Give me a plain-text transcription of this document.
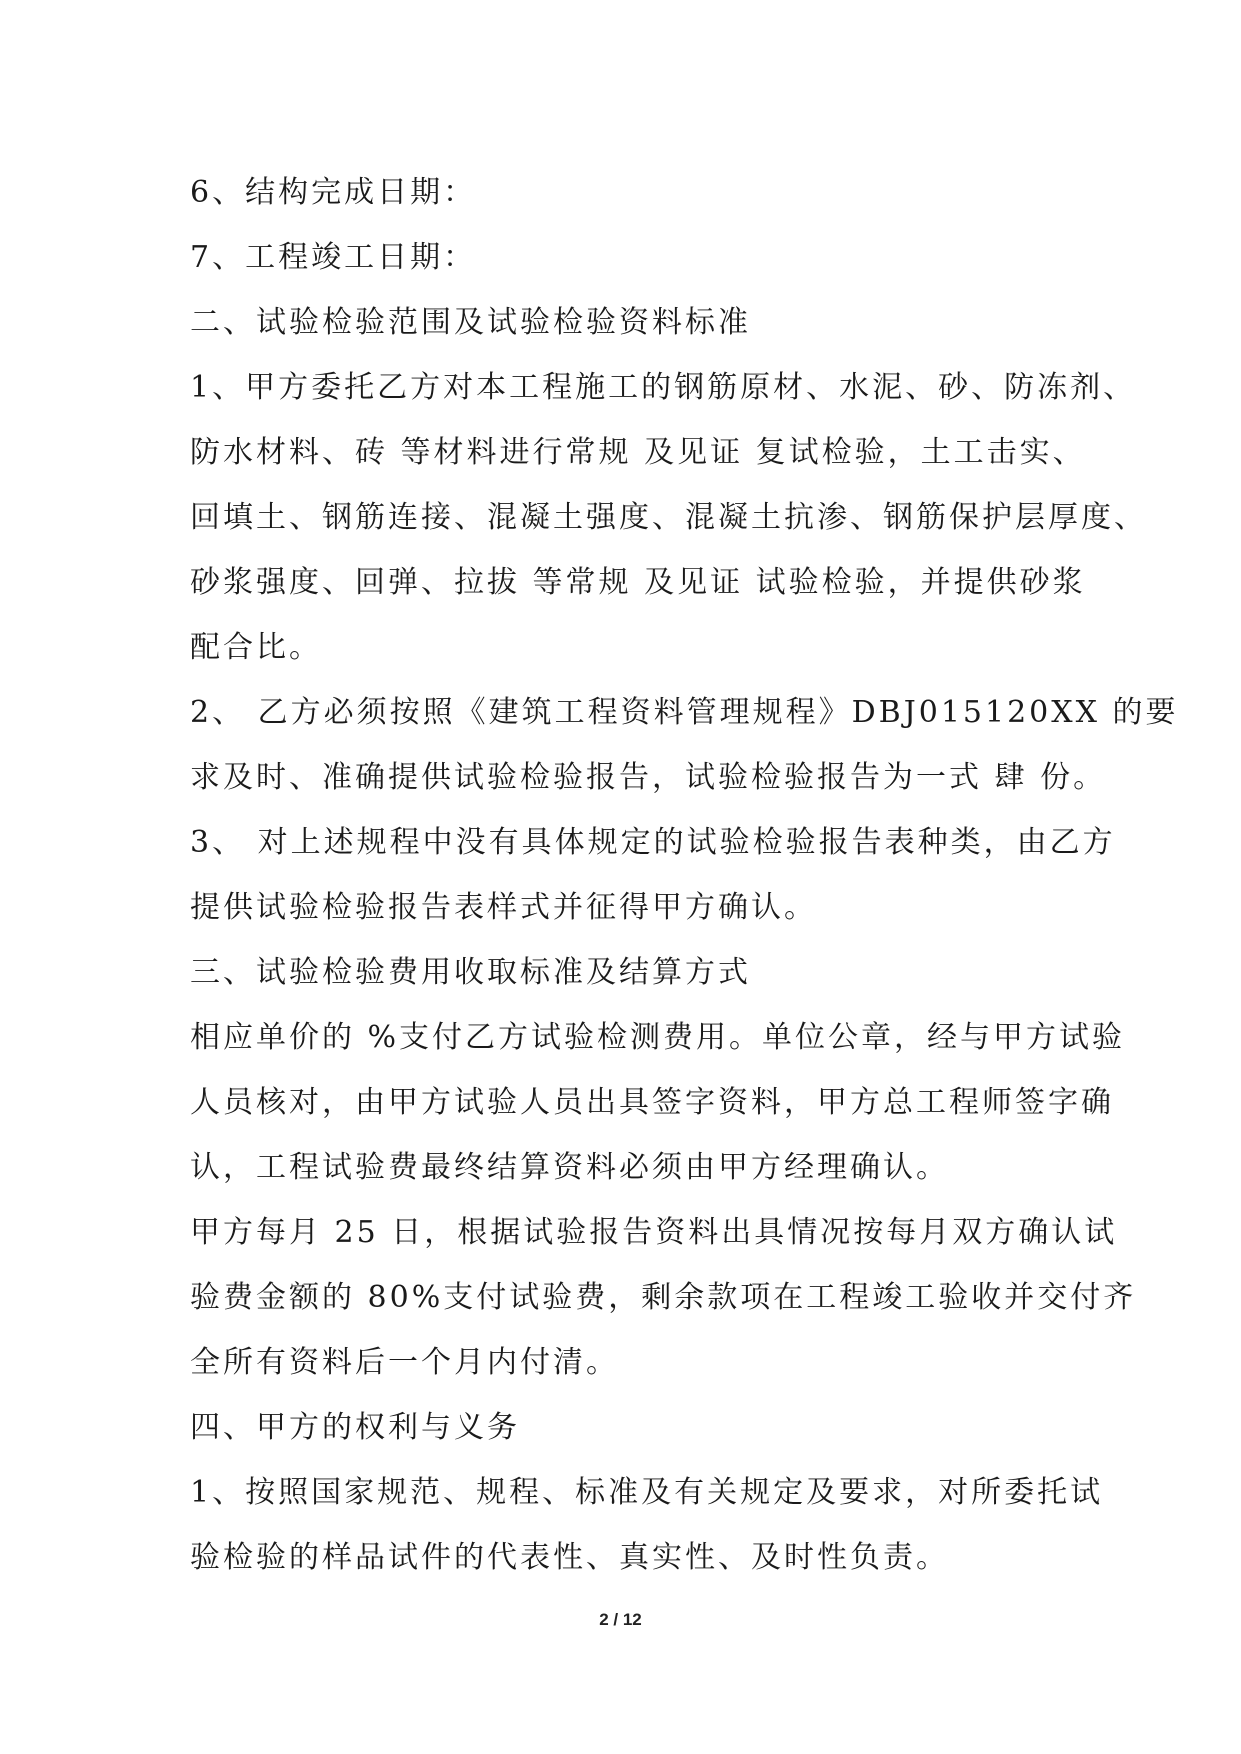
6、结构完成日期：
7、工程竣工日期：
二、试验检验范围及试验检验资料标准
1、甲方委托乙方对本工程施工的钢筋原材、水泥、砂、防冻剂、
防水材料、砖 等材料进行常规 及见证 复试检验，土工击实、
回填土、钢筋连接、混凝土强度、混凝土抗渗、钢筋保护层厚度、
砂浆强度、回弹、拉拔 等常规 及见证 试验检验，并提供砂浆
配合比。
2、 乙方必须按照《建筑工程资料管理规程》DBJ015120XX 的要
求及时、准确提供试验检验报告，试验检验报告为一式 肆 份。
3、 对上述规程中没有具体规定的试验检验报告表种类，由乙方
提供试验检验报告表样式并征得甲方确认。
三、试验检验费用收取标准及结算方式
相应单价的 %支付乙方试验检测费用。单位公章，经与甲方试验
人员核对，由甲方试验人员出具签字资料，甲方总工程师签字确
认，工程试验费最终结算资料必须由甲方经理确认。
甲方每月 25 日，根据试验报告资料出具情况按每月双方确认试
验费金额的 80%支付试验费，剩余款项在工程竣工验收并交付齐
全所有资料后一个月内付清。
四、甲方的权利与义务
1、按照国家规范、规程、标准及有关规定及要求，对所委托试
验检验的样品试件的代表性、真实性、及时性负责。
2 / 12
